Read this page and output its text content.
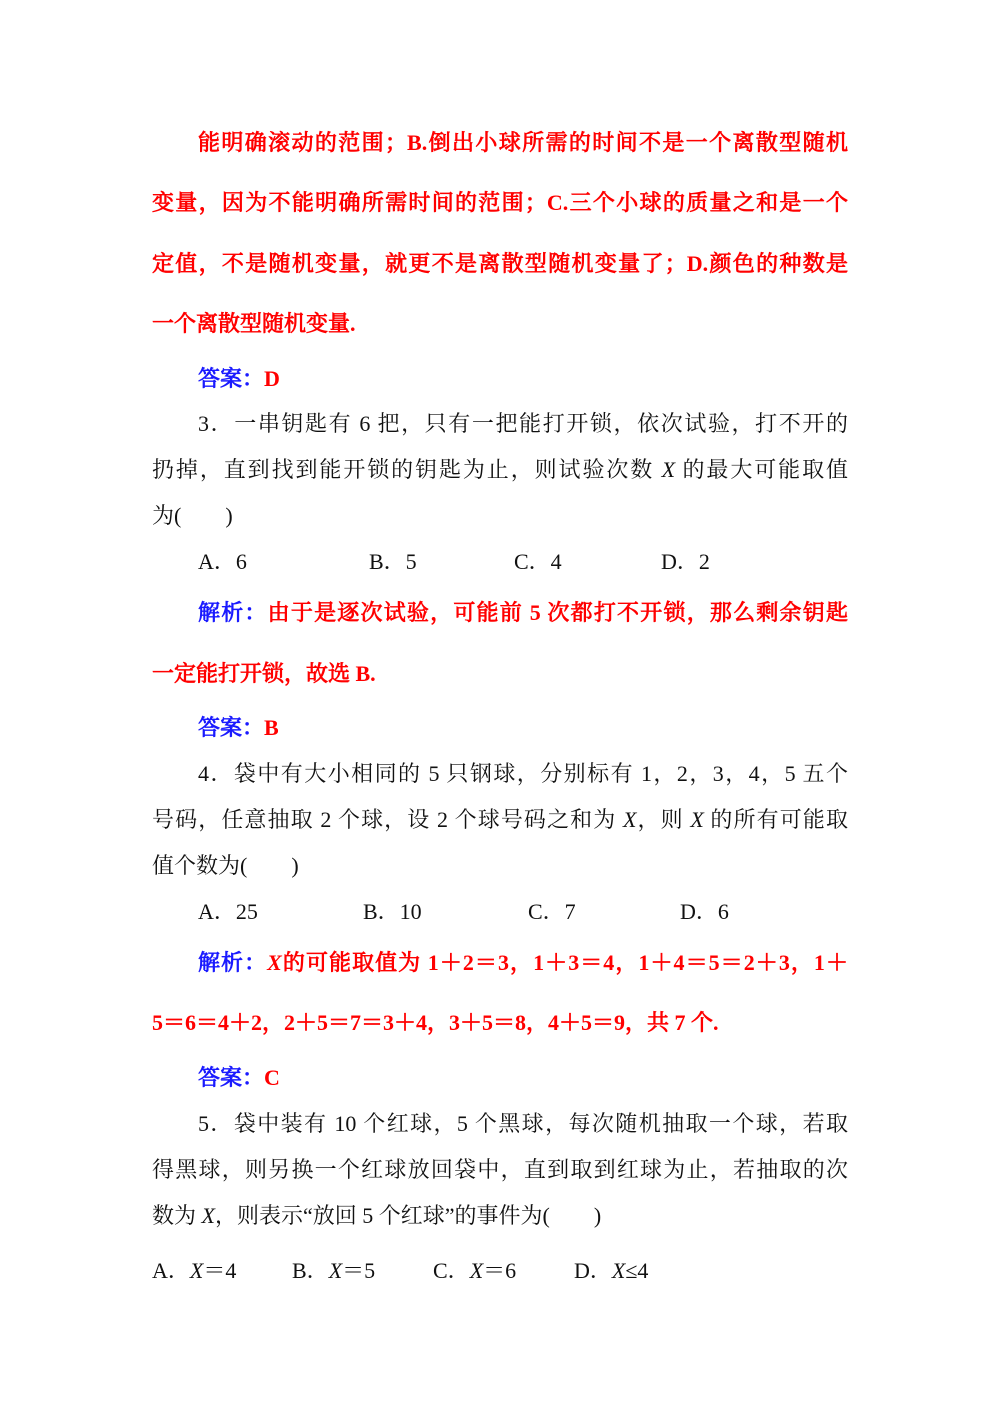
能明确滚动的范围；B.倒出小球所需的时间不是一个离散型随机
变量，因为不能明确所需时间的范围；C.三个小球的质量之和是一个
定值，不是随机变量，就更不是离散型随机变量了；D.颜色的种数是
一个离散型随机变量.
答案：D
3．一串钥匙有 6 把，只有一把能打开锁，依次试验，打不开的
扔掉，直到找到能开锁的钥匙为止，则试验次数 X 的最大可能取值
为(　　)
A．6	B．5	C．4	D．2
解析：由于是逐次试验，可能前 5 次都打不开锁，那么剩余钥匙
一定能打开锁，故选 B.
答案：B
4．袋中有大小相同的 5 只钢球，分别标有 1，2，3，4，5 五个
号码，任意抽取 2 个球，设 2 个球号码之和为 X，则 X 的所有可能取
值个数为(　　)
A．25	B．10	C．7	D．6
解析：X的可能取值为 1＋2＝3，1＋3＝4，1＋4＝5＝2＋3，1＋
5＝6＝4＋2，2＋5＝7＝3＋4，3＋5＝8，4＋5＝9，共 7 个.
答案：C
5．袋中装有 10 个红球，5 个黑球，每次随机抽取一个球，若取
得黑球，则另换一个红球放回袋中，直到取到红球为止，若抽取的次
数为 X，则表示“放回 5 个红球”的事件为(　　)
A．X＝4	B．X＝5	C．X＝6	D．X≤4
